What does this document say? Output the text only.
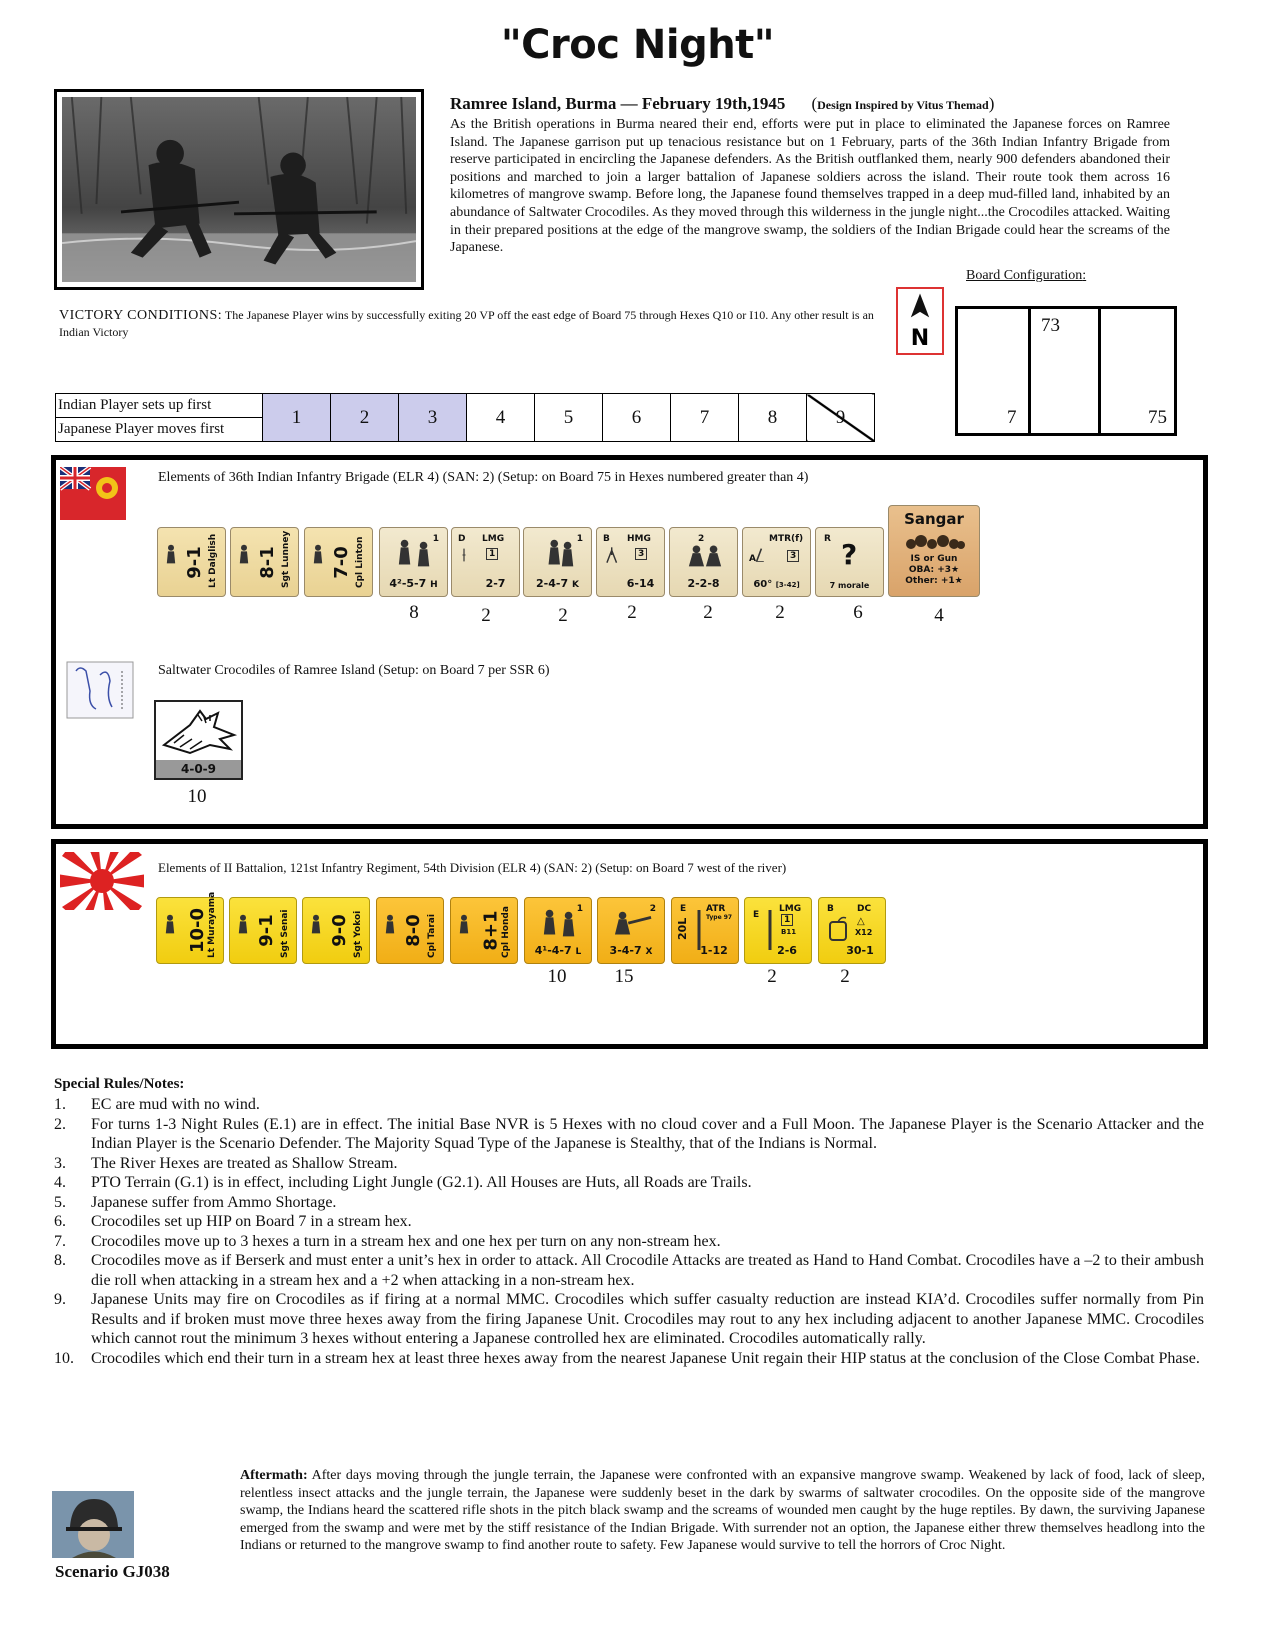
"Croc Night"
Ramree Island, Burma — February 19th,1945 (Design Inspired by Vitus Themad)
As the British operations in Burma neared their end, efforts were put in place to eliminated the Japanese forces on Ramree Island. The Japanese garrison put up tenacious resistance but on 1 February, parts of the 36th Indian Infantry Brigade from reserve participated in encircling the Japanese defenders. As the British outflanked them, nearly 900 defenders abandoned their positions and marched to join a larger battalion of Japanese soldiers across the island. Their route took them across 16 kilometres of mangrove swamp. Before long, the Japanese found themselves trapped in a deep mud-filled land, inhabited by an abundance of Saltwater Crocodiles. As they moved through this wilderness in the jungle night...the Crocodiles attacked. Waiting in their prepared positions at the edge of the mangrove swamp, the soldiers of the Indian Brigade could hear the screams of the Japanese.
VICTORY CONDITIONS: The Japanese Player wins by successfully exiting 20 VP off the east edge of Board 75 through Hexes Q10 or I10. Any other result is an Indian Victory	N
Board Configuration:
73
7	75
Indian Player sets up first	1	2	3	4	5	6	7	8	9
Japanese Player moves first
Elements of 36th Indian Infantry Brigade (ELR 4) (SAN: 2) (Setup: on Board 75 in Hexes numbered greater than 4)
9-1 Lt Dalglish 8-1 Sgt Lunney 7-0 Cpl Linton	1
4²-5-7 H
D LMG
1
2-7
1
2-4-7 K
B HMG
3
6-14
2
2-2-8
A
MTR(f)
3
60° [3-42]
R ?
7 morale
Sangar
IS or Gun
OBA: +3★
Other: +1★
8	2	2	2	2	2	6	4
Saltwater Crocodiles of Ramree Island (Setup: on Board 7 per SSR 6)
4-0-9
10
Elements of II Battalion, 121st Infantry Regiment, 54th Division (ELR 4) (SAN: 2) (Setup: on Board 7 west of the river)
10-0
Lt Murayama 9-1 Sgt Senai 9-0 Sgt Yokoi 8-0 Cpl Tarai 8+1 Cpl Honda	1
4¹-4-7 L
2
3-4-7 X
E ATR
Type 97
20L
1-12
E
LMG
1
B11
2-6
B	DC
△
X12
30-1
10	15	2	2
Special Rules/Notes:
1. EC are mud with no wind.
2. For turns 1-3 Night Rules (E.1) are in effect. The initial Base NVR is 5 Hexes with no cloud cover and a Full Moon. The Japanese Player is the Scenario Attacker and the Indian Player is the Scenario Defender. The Majority Squad Type of the Japanese is Stealthy, that of the Indians is Normal.
3. The River Hexes are treated as Shallow Stream.
4. PTO Terrain (G.1) is in effect, including Light Jungle (G2.1). All Houses are Huts, all Roads are Trails.
5. Japanese suffer from Ammo Shortage.
6. Crocodiles set up HIP on Board 7 in a stream hex.
7. Crocodiles move up to 3 hexes a turn in a stream hex and one hex per turn on any non-stream hex.
8. Crocodiles move as if Berserk and must enter a unit’s hex in order to attack. All Crocodile Attacks are treated as Hand to Hand Combat. Crocodiles have a –2 to their ambush die roll when attacking in a stream hex and a +2 when attacking in a non-stream hex.
9. Japanese Units may fire on Crocodiles as if firing at a normal MMC. Crocodiles which suffer casualty reduction are instead KIA’d. Crocodiles suffer normally from Pin Results and if broken must move three hexes away from the firing Japanese Unit. Crocodiles may rout to any hex including adjacent to another Japanese MMC. Crocodiles which cannot rout the minimum 3 hexes without entering a Japanese controlled hex are eliminated. Crocodiles automatically rally.
10. Crocodiles which end their turn in a stream hex at least three hexes away from the nearest Japanese Unit regain their HIP status at the conclusion of the Close Combat Phase.
Aftermath: After days moving through the jungle terrain, the Japanese were confronted with an expansive mangrove swamp. Weakened by lack of food, lack of sleep, relentless insect attacks and the jungle terrain, the Japanese were suddenly beset in the dark by swarms of saltwater crocodiles. On the opposite side of the mangrove swamp, the Indians heard the scattered rifle shots in the pitch black swamp and the screams of wounded men caught by the huge reptiles. By dawn, the surviving Japanese emerged from the swamp and were met by the stiff resistance of the Indian Brigade. With surrender not an option, the Japanese either threw themselves headlong into the Indians or returned to the mangrove swamp to find another route to safety. Few Japanese would survive to tell the horrors of Croc Night.
Scenario GJ038
